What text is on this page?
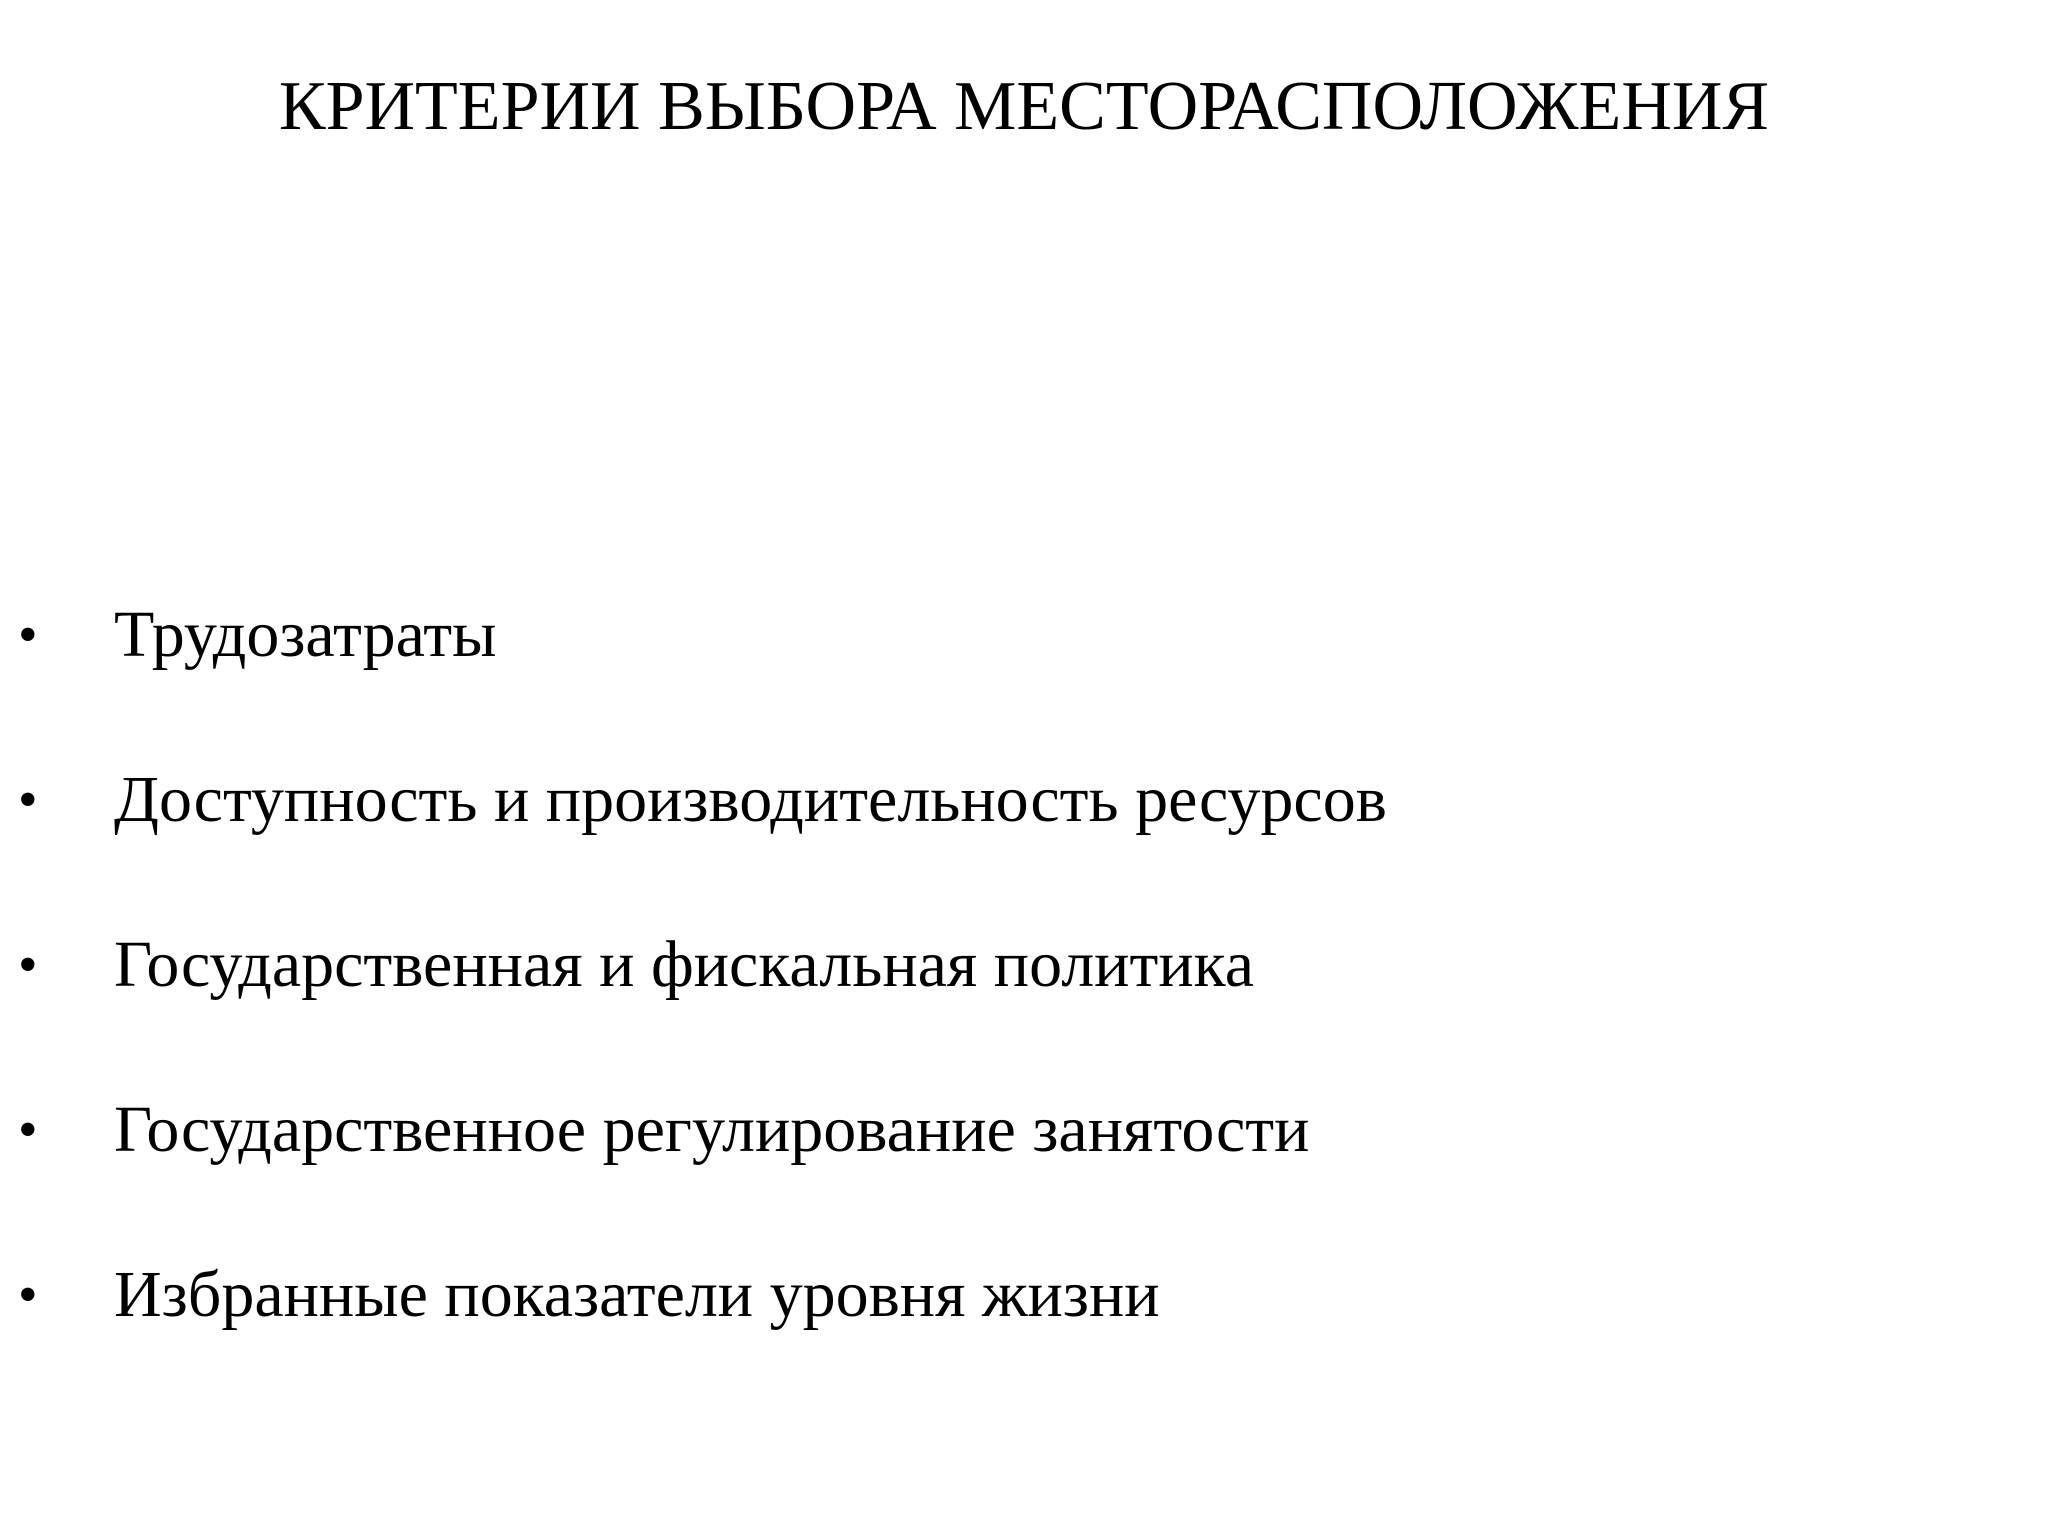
КРИТЕРИИ ВЫБОРА МЕСТОРАСПОЛОЖЕНИЯ
• Трудозатраты
• Доступность и производительность ресурсов
• Государственная и фискальная политика
• Государственное регулирование занятости
• Избранные показатели уровня жизни
